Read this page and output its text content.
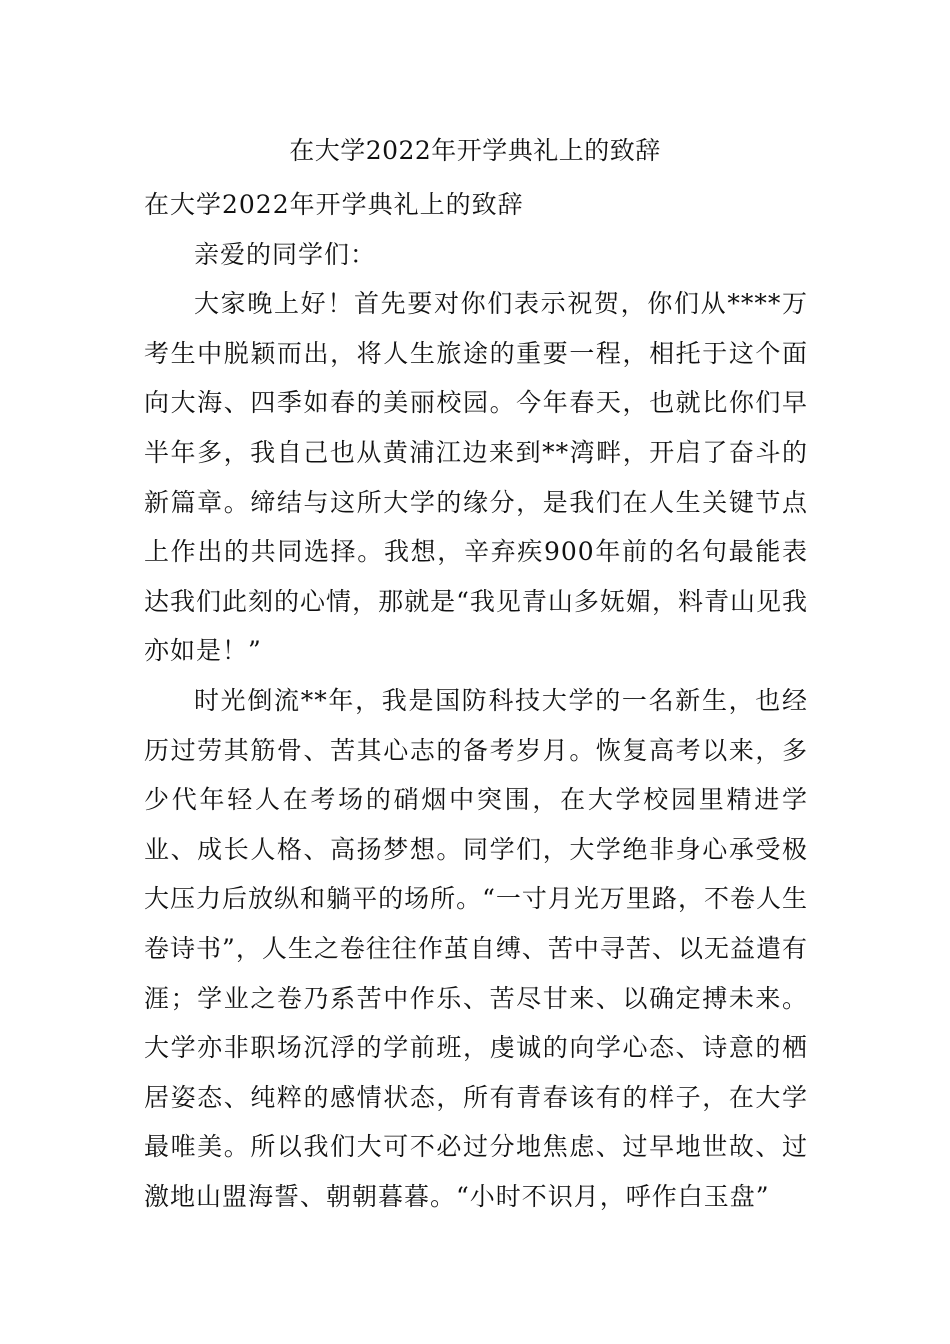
在大学2022年开学典礼上的致辞

在大学2022年开学典礼上的致辞

亲爱的同学们：

大家晚上好！首先要对你们表示祝贺，你们从****万考生中脱颖而出，将人生旅途的重要一程，相托于这个面向大海、四季如春的美丽校园。今年春天，也就比你们早半年多，我自己也从黄浦江边来到**湾畔，开启了奋斗的新篇章。缔结与这所大学的缘分，是我们在人生关键节点上作出的共同选择。我想，辛弃疾900年前的名句最能表达我们此刻的心情，那就是“我见青山多妩媚，料青山见我亦如是！”

时光倒流**年，我是国防科技大学的一名新生，也经历过劳其筋骨、苦其心志的备考岁月。恢复高考以来，多少代年轻人在考场的硝烟中突围，在大学校园里精进学业、成长人格、高扬梦想。同学们，大学绝非身心承受极大压力后放纵和躺平的场所。“一寸月光万里路，不卷人生卷诗书”，人生之卷往往作茧自缚、苦中寻苦、以无益遣有涯；学业之卷乃系苦中作乐、苦尽甘来、以确定搏未来。大学亦非职场沉浮的学前班，虔诚的向学心态、诗意的栖居姿态、纯粹的感情状态，所有青春该有的样子，在大学最唯美。所以我们大可不必过分地焦虑、过早地世故、过激地山盟海誓、朝朝暮暮。“小时不识月，呼作白玉盘”
